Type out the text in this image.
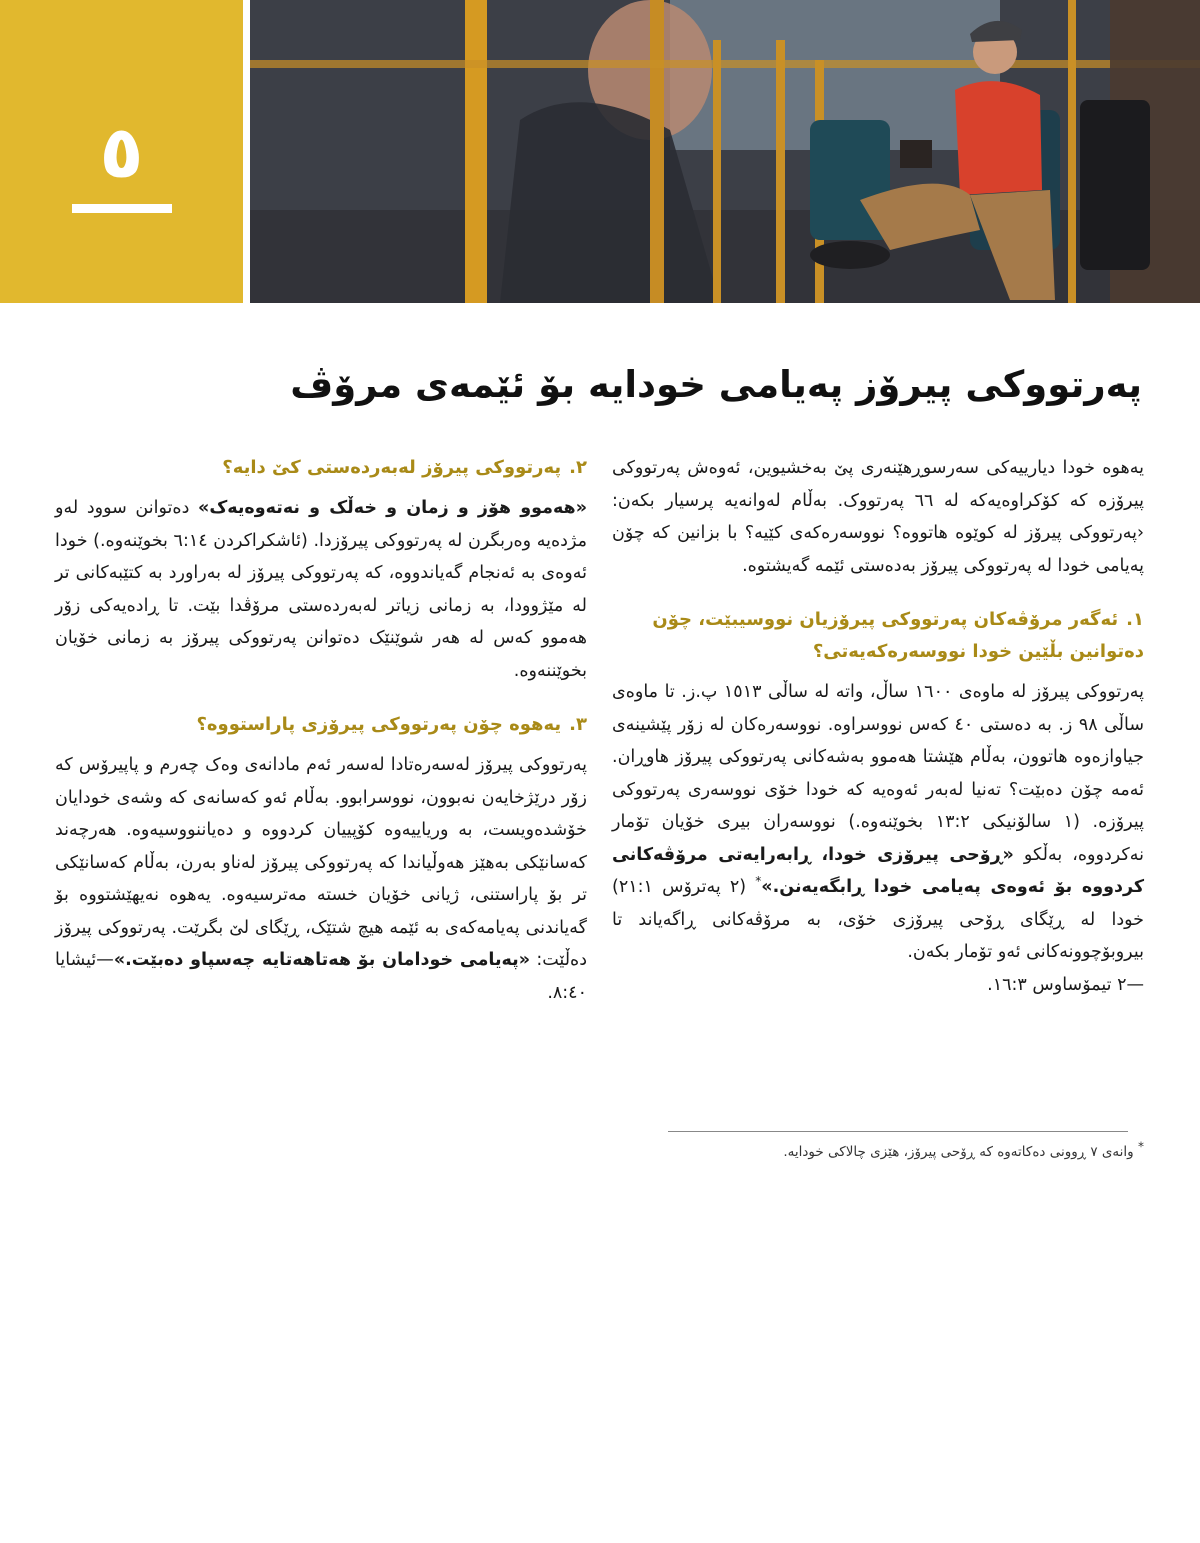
٥
پەرتووکی پیرۆز پەیامی خودایە بۆ ئێمەی مرۆڤ

یەهوە خودا دیارییەکی سەرسوڕهێنەری پێ بەخشیوین، ئەوەش پەرتووکی پیرۆزە کە کۆکراوەیەکە لە ٦٦ پەرتووک. بەڵام لەوانەیە پرسیار بکەن: ‹پەرتووکی پیرۆز لە کوێوە هاتووە؟ نووسەرەکەی کێیە؟ با بزانین کە چۆن پەیامی خودا لە پەرتووکی پیرۆز بەدەستی ئێمە گەیشتوە.

١.ئەگەر مرۆڤەکان پەرتووکی پیرۆزیان نووسیبێت، چۆن دەتوانین بڵێین خودا نووسەرەکەیەتی؟

پەرتووکی پیرۆز لە ماوەی ١٦٠٠ ساڵ، واتە لە ساڵی ١٥١٣ پ.ز. تا ماوەی ساڵی ٩٨ ز. بە دەستی ٤٠ کەس نووسراوە. نووسەرەکان لە زۆر پێشینەی جیاوازەوە هاتوون، بەڵام هێشتا هەموو بەشەکانی پەرتووکی پیرۆز هاوڕان. ئەمە چۆن دەبێت؟ تەنیا لەبەر ئەوەیە کە خودا خۆی نووسەری پەرتووکی پیرۆزە. (١ سالۆنیکی ١٣:٢ بخوێنەوە.) نووسەران بیری خۆیان تۆمار نەکردووە، بەڵکو «ڕۆحی پیرۆزی خودا، ڕابەرایەتی مرۆڤەکانی کردووە بۆ ئەوەی پەیامی خودا ڕابگەیەنن.»* (٢ پەترۆس ٢١:١) خودا لە ڕێگای ڕۆحی پیرۆزی خۆی، بە مرۆڤەکانی ڕاگەیاند تا بیروبۆچوونەکانی ئەو تۆمار بکەن.
—٢ تیمۆساوس ١٦:٣.

٢.پەرتووکی پیرۆز لەبەردەستی کێ دایە؟

«هەموو هۆز و زمان و خەڵک و نەتەوەیەک» دەتوانن سوود لەو مژدەیە وەربگرن لە پەرتووکی پیرۆزدا. (ئاشکراکردن ٦:١٤ بخوێنەوە.) خودا ئەوەی بە ئەنجام گەیاندووە، کە پەرتووکی پیرۆز لە بەراورد بە کتێبەکانی تر لە مێژوودا، بە زمانی زیاتر لەبەردەستی مرۆڤدا بێت. تا ڕادەیەکی زۆر هەموو کەس لە هەر شوێنێک دەتوانن پەرتووکی پیرۆز بە زمانی خۆیان بخوێننەوە.

٣.یەهوە چۆن پەرتووکی پیرۆزی پاراستووە؟

پەرتووکی پیرۆز لەسەرەتادا لەسەر ئەم مادانەی وەک چەرم و پاپیرۆس کە زۆر درێژخایەن نەبوون، نووسرابوو. بەڵام ئەو کەسانەی کە وشەی خودایان خۆشدەویست، بە وریاییەوە کۆپییان کردووە و دەیاننووسیەوە. هەرچەند کەسانێکی بەهێز هەوڵیاندا کە پەرتووکی پیرۆز لەناو بەرن، بەڵام کەسانێکی تر بۆ پاراستنی، ژیانی خۆیان خستە مەترسیەوە. یەهوە نەیهێشتووە بۆ گەیاندنی پەیامەکەی بە ئێمە هیچ شتێک، ڕێگای لێ بگرێت. پەرتووکی پیرۆز دەڵێت: «پەیامی خودامان بۆ هەتاهەتایە چەسپاو دەبێت.»—ئیشایا ٨:٤٠.

* وانەی ٧ ڕوونی دەکاتەوە کە ڕۆحی پیرۆز، هێزی چالاکی خودایە.
